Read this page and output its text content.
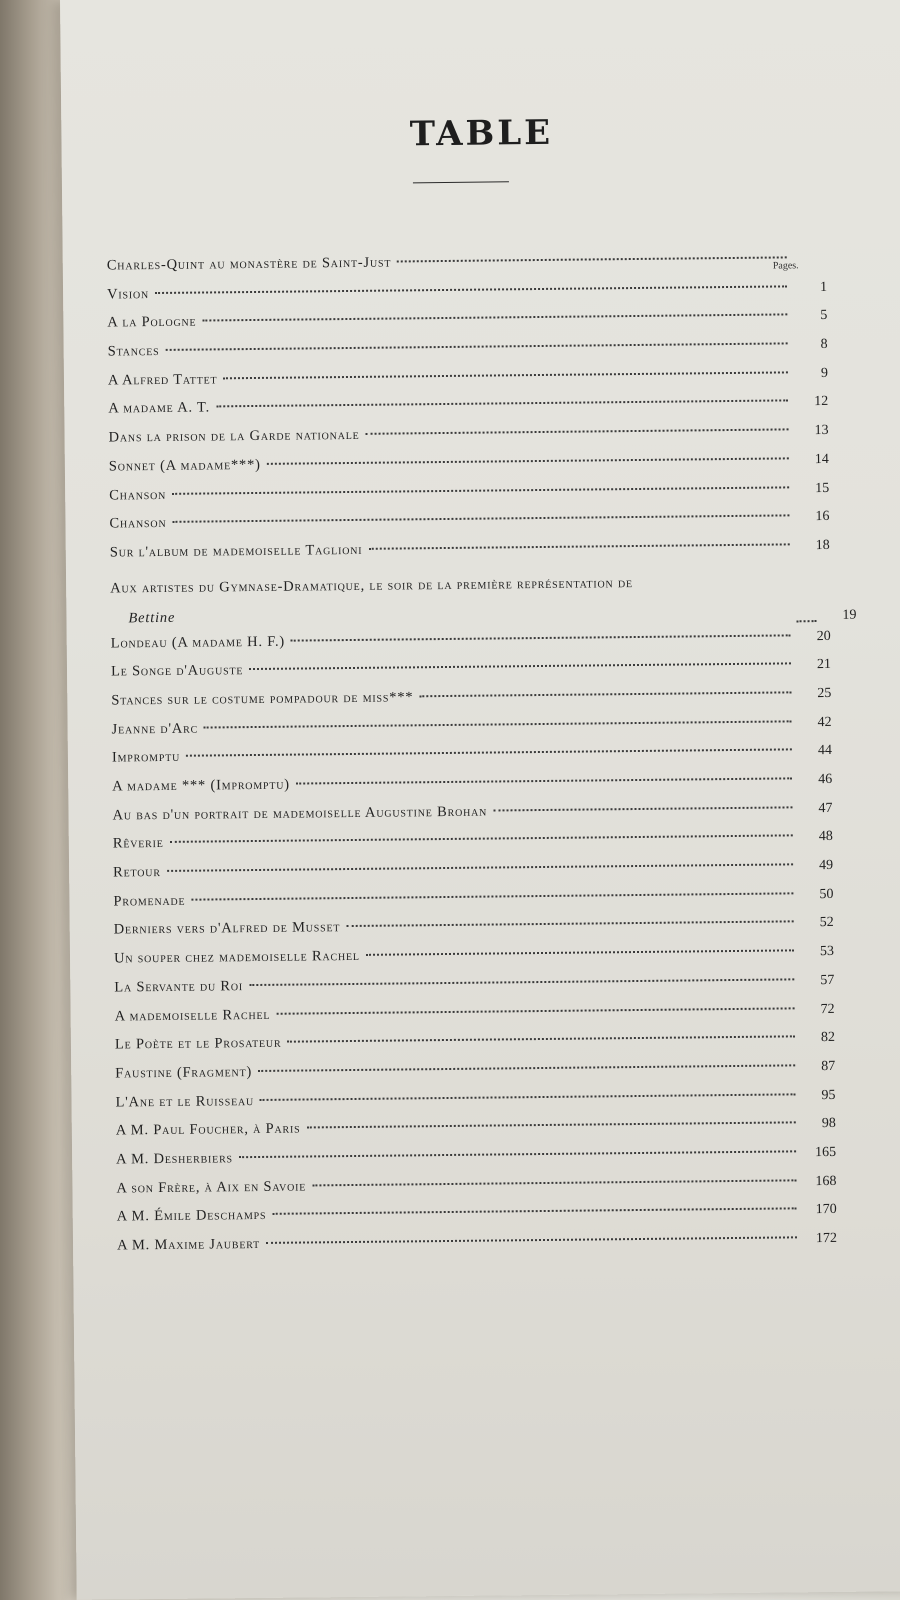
TABLE
Pages.
Charles-Quint au monastère de Saint-Just
Vision	1
A la Pologne	5
Stances	8
A Alfred Tattet	9
A madame A. T.	12
Dans la prison de la Garde nationale	13
Sonnet (A madame***)	14
Chanson	15
Chanson	16
Sur l'album de mademoiselle Taglioni	18
Aux artistes du Gymnase-Dramatique, le soir de la première représentation de
Bettine	19
Londeau (A madame H. F.)	20
Le Songe d'Auguste	21
Stances sur le costume pompadour de miss***	25
Jeanne d'Arc	42
Impromptu	44
A madame *** (Impromptu)	46
Au bas d'un portrait de mademoiselle Augustine Brohan	47
Rêverie	48
Retour	49
Promenade	50
Derniers vers d'Alfred de Musset	52
Un souper chez mademoiselle Rachel	53
La Servante du Roi	57
A mademoiselle Rachel	72
Le Poète et le Prosateur	82
Faustine (Fragment)	87
L'Ane et le Ruisseau	95
A M. Paul Foucher, à Paris	98
A M. Desherbiers	165
A son Frère, à Aix en Savoie	168
A M. Émile Deschamps	170
A M. Maxime Jaubert	172
